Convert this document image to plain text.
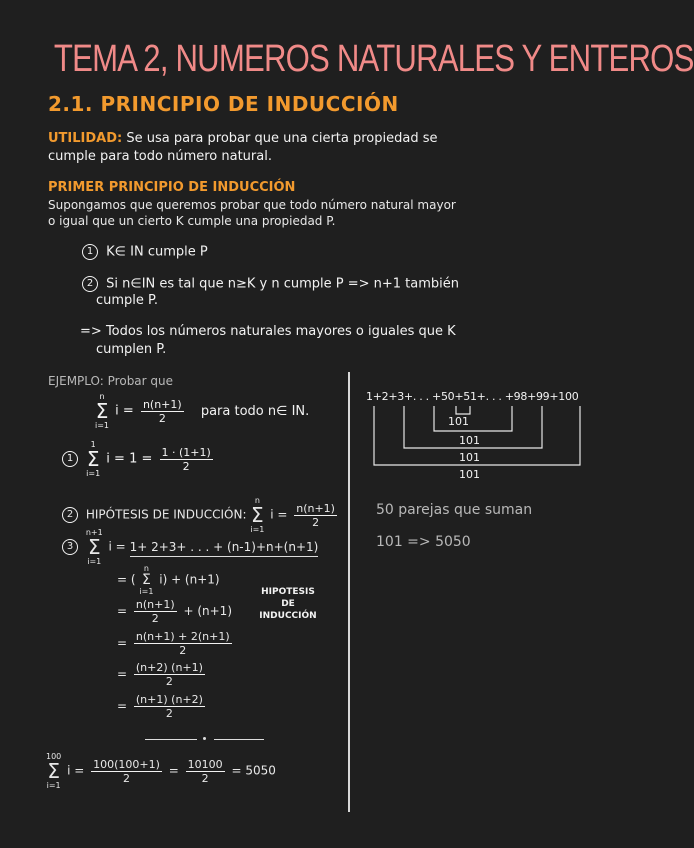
TEMA 2, NUMEROS NATURALES Y ENTEROS
2.1. PRINCIPIO DE INDUCCIÓN
UTILIDAD: Se usa para probar que una cierta propiedad se
cumple para todo número natural.
PRIMER PRINCIPIO DE INDUCCIÓN
Supongamos que queremos probar que todo número natural mayor
o igual que un cierto K cumple una propiedad P.
1 K∈ IN cumple P
2 Si n∈IN es tal que n≥K y n cumple P => n+1 también
cumple P.
=> Todos los números naturales mayores o iguales que K
cumplen P.
EJEMPLO: Probar que
n
Σ
i=1
$i = \frac{n(n+1)}{2}$ para todo n∈ IN.
1
1
Σ
i=1
$i = 1 = \frac{1 \cdot (1+1)}{2}$
2 HIPÓTESIS DE INDUCCIÓN:
n
Σ
i=1
$i = \frac{n(n+1)}{2}$
3
n+1
Σ
i=1
i = 1+ 2+3+ . . . + (n-1)+n+(n+1)
= (
n
Σ
i=1
i) + (n+1)
= $\frac{n(n+1)}{2} + (n+1)$
= $\frac{n(n+1) + 2(n+1)}{2}$
= $\frac{(n+2) (n+1)}{2}$
= $\frac{(n+1) (n+2)}{2}$
HIPOTESIS
DE
INDUCCIÓN
100
Σ
i=1
$i = \frac{100(100+1)}{2} = \frac{10100}{2} = 5050$
1+2+3+. . . +50+51+. . . +98+99+100
101
101
101
101
50 parejas que suman
101 => 5050
